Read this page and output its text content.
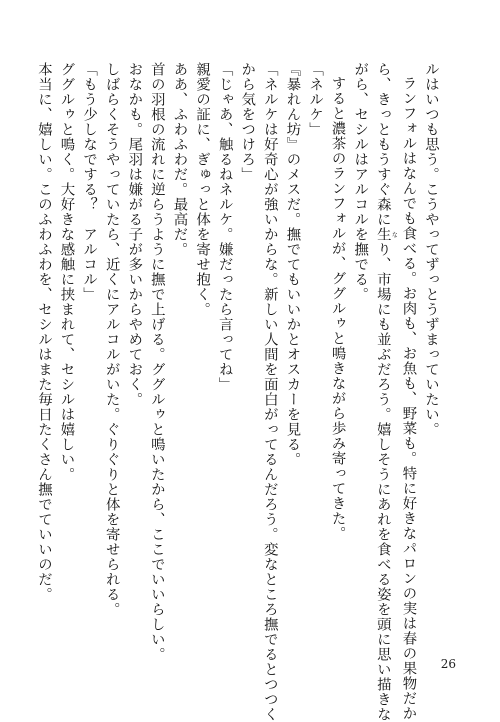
ルはいつも思う。こうやってずっとうずまっていたい。
ランフォルはなんでも食べる。お肉も、お魚も、野菜も。特に好きなパロンの実は春の果物だか
ら、きっともうすぐ森に生 なり、市場にも並ぶだろう。嬉しそうにあれを食べる姿を頭に思い描きな
がら、セシルはアルコルを撫でる。
すると濃茶のランフォルが、ググルゥと鳴きながら歩み寄ってきた。
「ネルケ」
『暴れん坊』のメスだ。撫でてもいいかとオスカーを見る。
「ネルケは好奇心が強いからな。新しい人間を面白がってるんだろう。変なところ撫でるとつつく
から気をつけろ」
「じゃあ、触るねネルケ。嫌だったら言ってね」
親愛の証に、ぎゅっと体を寄せ抱く。
ああ、ふわふわだ。最高だ。
首の羽根の流れに逆らうように撫で上げる。ググルゥと鳴いたから、ここでいいらしい。
おなかも。尾羽は嫌がる子が多いからやめておく。
しばらくそうやっていたら、近くにアルコルがいた。ぐりぐりと体を寄せられる。
「もう少しなでする？　アルコル」
ググルゥと鳴く。大好きな感触に挟まれて、セシルは嬉しい。
本当に、嬉しい。このふわふわを、セシルはまた毎日たくさん撫でていいのだ。
26
